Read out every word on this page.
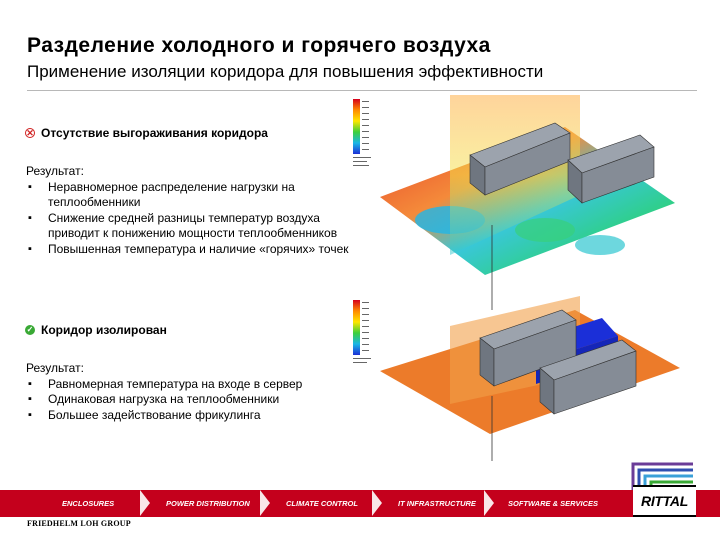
Разделение холодного и горячего воздуха
Применение изоляции коридора для повышения эффективности
✕ Отсутствие выгораживания коридора
Результат:
▪ Неравномерное распределение нагрузки на теплообменники
▪ Снижение средней разницы температур воздуха приводит к понижению мощности теплообменников
▪ Повышенная температура и наличие «горячих» точек
✓ Коридор изолирован
Результат:
▪ Равномерная температура на входе в сервер
▪ Одинаковая нагрузка на теплообменники
▪ Большее задействование фрикулинга
ENCLOSURES	POWER DISTRIBUTION	CLIMATE CONTROL	IT INFRASTRUCTURE	SOFTWARE & SERVICES	RITTAL
FRIEDHELM LOH GROUP
